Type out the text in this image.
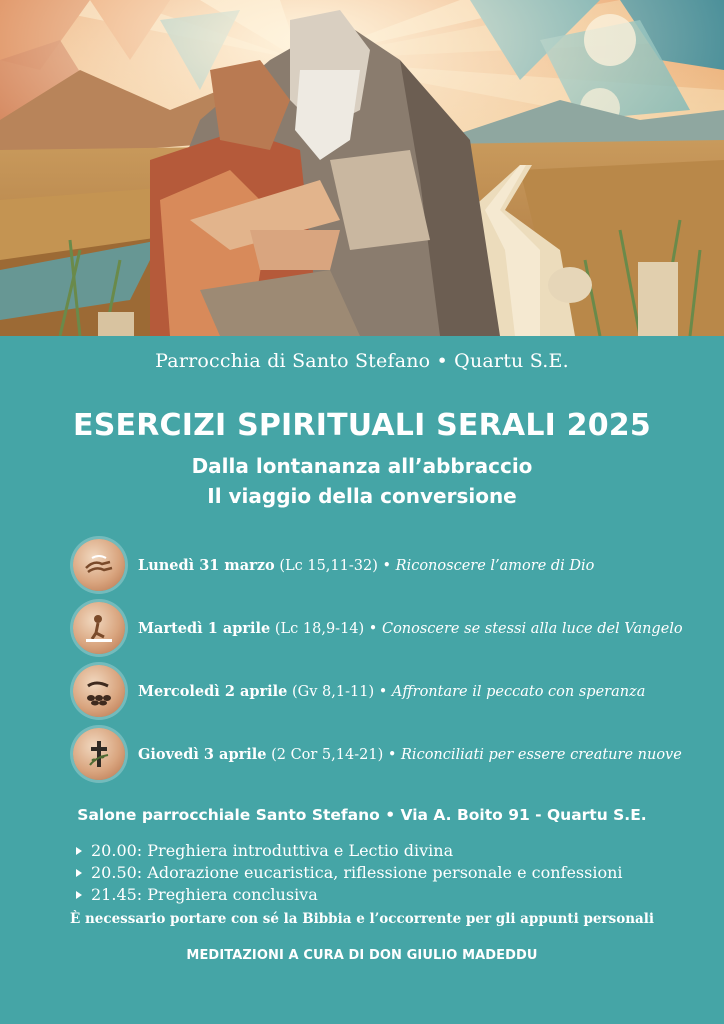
Parrocchia di Santo Stefano • Quartu S.E.
ESERCIZI SPIRITUALI SERALI 2025
Dalla lontananza all’abbraccio
Il viaggio della conversione
Lunedì 31 marzo (Lc 15,11-32) • Riconoscere l’amore di Dio
Martedì 1 aprile (Lc 18,9-14) • Conoscere se stessi alla luce del Vangelo
Mercoledì 2 aprile (Gv 8,1-11) • Affrontare il peccato con speranza
Giovedì 3 aprile (2 Cor 5,14-21) • Riconciliati per essere creature nuove
Salone parrocchiale Santo Stefano • Via A. Boito 91 - Quartu S.E.
20.00: Preghiera introduttiva e Lectio divina
20.50: Adorazione eucaristica, riflessione personale e confessioni
21.45: Preghiera conclusiva
È necessario portare con sé la Bibbia e l’occorrente per gli appunti personali
MEDITAZIONI A CURA DI DON GIULIO MADEDDU
